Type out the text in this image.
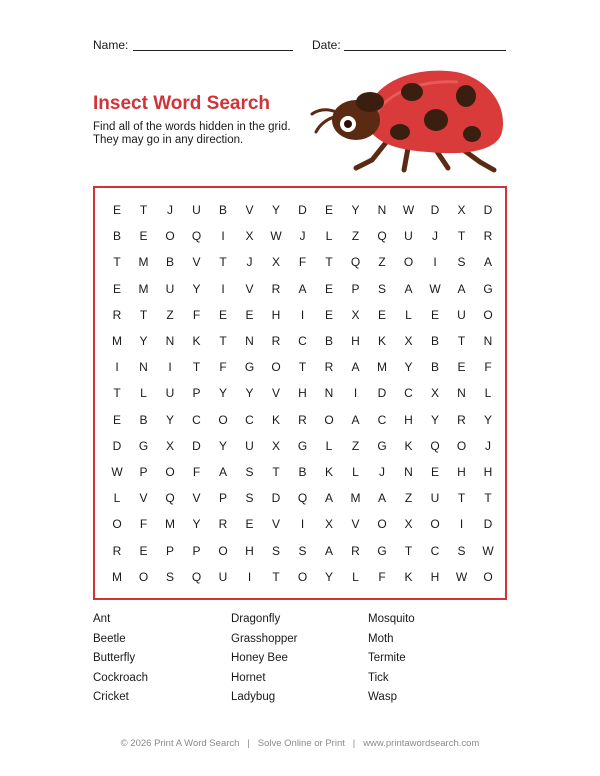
Name:	Date:
Insect Word Search
Find all of the words hidden in the grid.
They may go in any direction.
E	T	J	U	B	V	Y	D	E	Y	N	W	D	X	D
B	E	O	Q	I	X	W	J	L	Z	Q	U	J	T	R
T	M	B	V	T	J	X	F	T	Q	Z	O	I	S	A
E	M	U	Y	I	V	R	A	E	P	S	A	W	A	G
R	T	Z	F	E	E	H	I	E	X	E	L	E	U	O
M	Y	N	K	T	N	R	C	B	H	K	X	B	T	N
I	N	I	T	F	G	O	T	R	A	M	Y	B	E	F
T	L	U	P	Y	Y	V	H	N	I	D	C	X	N	L
E	B	Y	C	O	C	K	R	O	A	C	H	Y	R	Y
D	G	X	D	Y	U	X	G	L	Z	G	K	Q	O	J
W	P	O	F	A	S	T	B	K	L	J	N	E	H	H
L	V	Q	V	P	S	D	Q	A	M	A	Z	U	T	T
O	F	M	Y	R	E	V	I	X	V	O	X	O	I	D
R	E	P	P	O	H	S	S	A	R	G	T	C	S	W
M	O	S	Q	U	I	T	O	Y	L	F	K	H	W	O
Ant
Beetle
Butterfly
Cockroach
Cricket
Dragonfly
Grasshopper
Honey Bee
Hornet
Ladybug
Mosquito
Moth
Termite
Tick
Wasp
© 2026 Print A Word Search | Solve Online or Print | www.printawordsearch.com
